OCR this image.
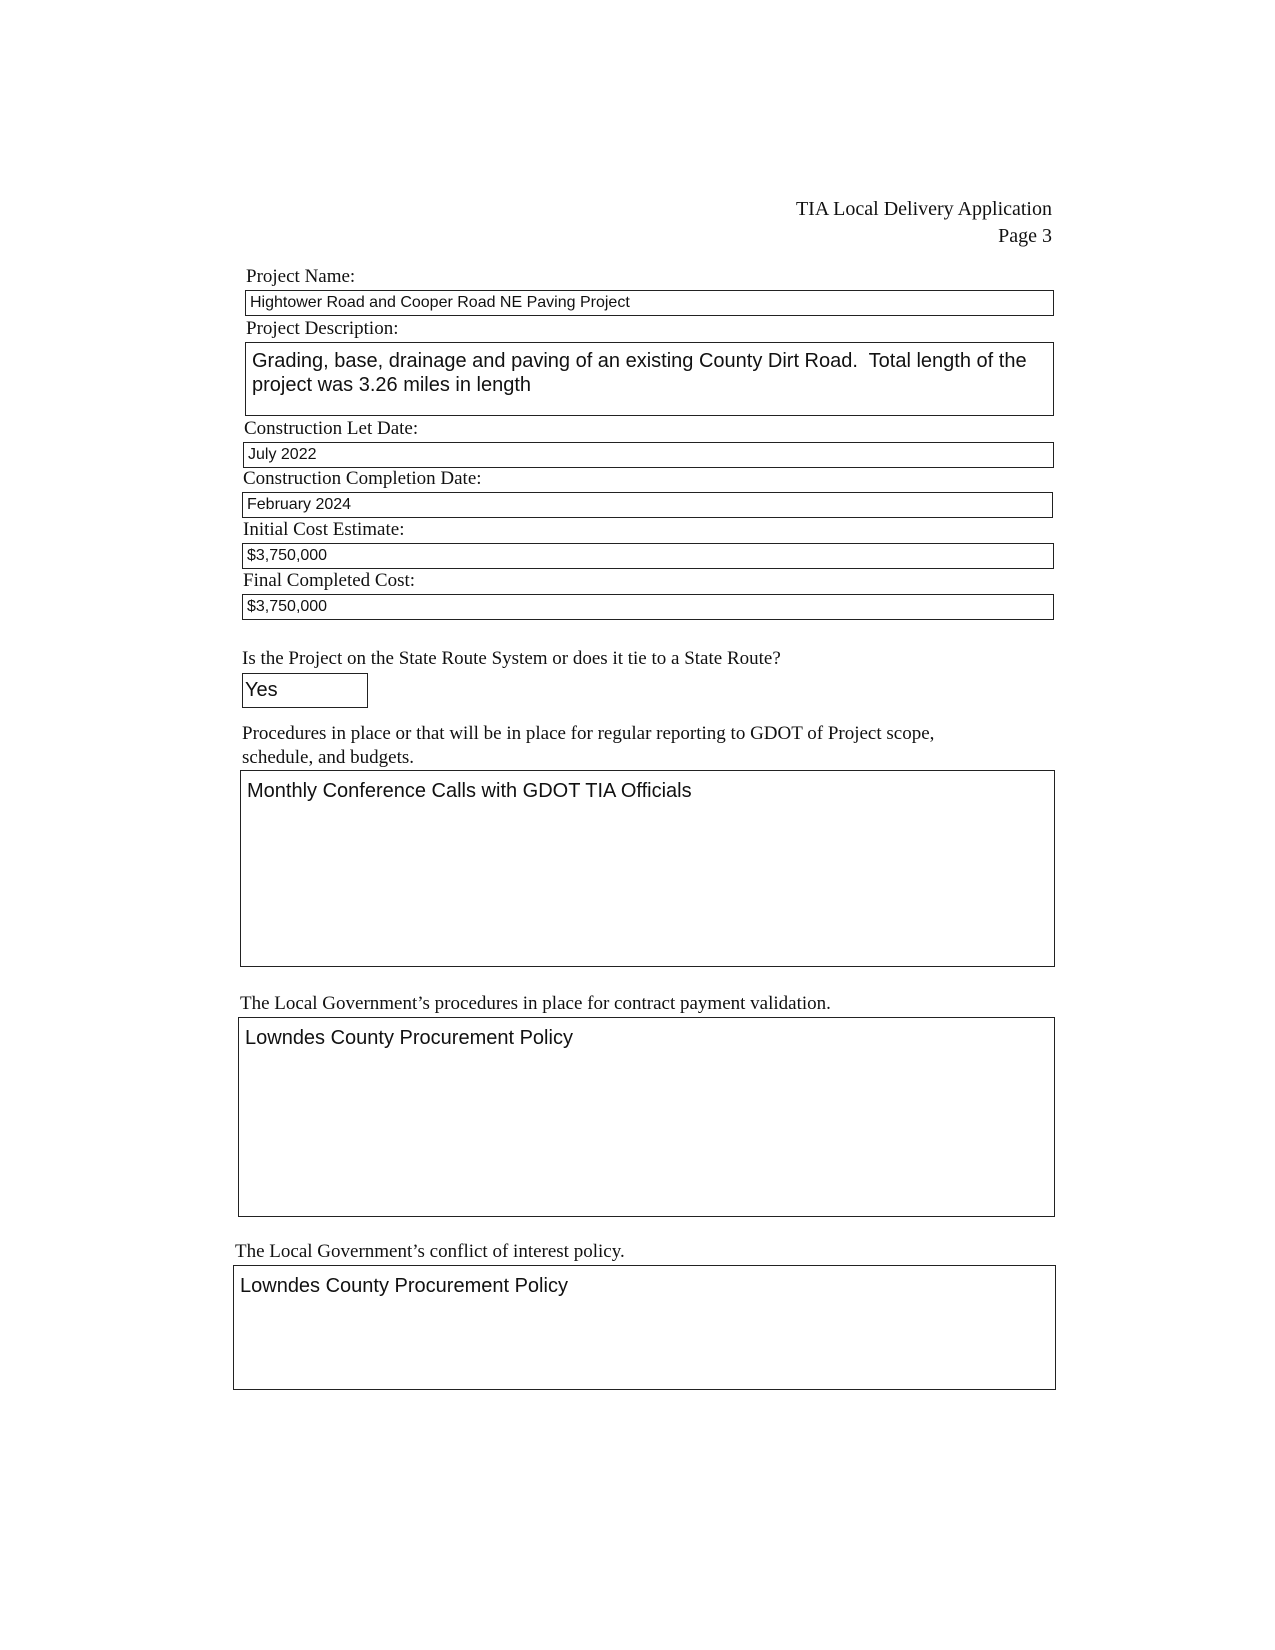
TIA Local Delivery Application
Page 3
Project Name:
Hightower Road and Cooper Road NE Paving Project
Project Description:
Grading, base, drainage and paving of an existing County Dirt Road.  Total length of the project was 3.26 miles in length
Construction Let Date:
July 2022
Construction Completion Date:
February 2024
Initial Cost Estimate:
$3,750,000
Final Completed Cost:
$3,750,000
Is the Project on the State Route System or does it tie to a State Route?
Yes
Procedures in place or that will be in place for regular reporting to GDOT of Project scope, schedule, and budgets.
Monthly Conference Calls with GDOT TIA Officials
The Local Government’s procedures in place for contract payment validation.
Lowndes County Procurement Policy
The Local Government’s conflict of interest policy.
Lowndes County Procurement Policy
